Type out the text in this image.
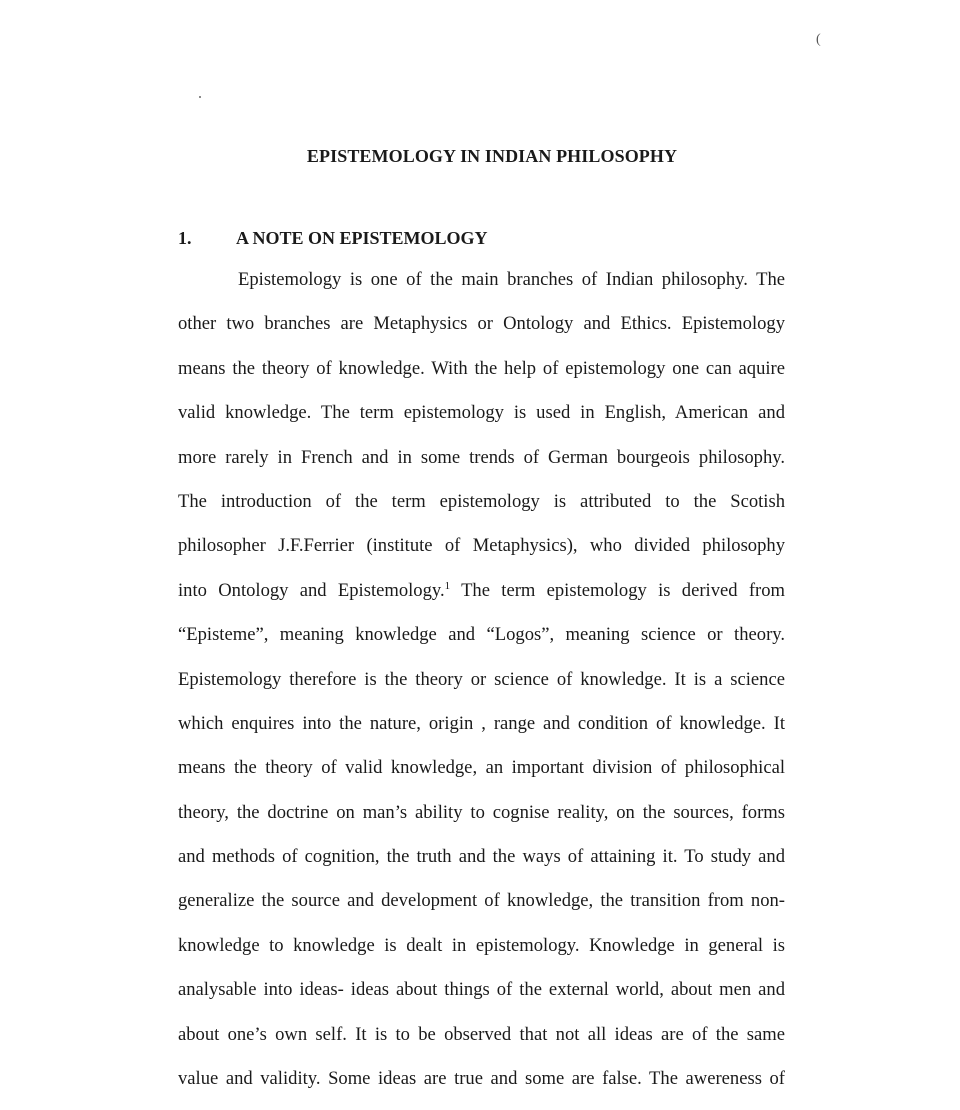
(
EPISTEMOLOGY IN INDIAN PHILOSOPHY
1. A NOTE ON EPISTEMOLOGY
Epistemology is one of the main branches of Indian philosophy. The
other two branches are Metaphysics or Ontology and Ethics. Epistemology
means the theory of knowledge. With the help of epistemology one can aquire
valid knowledge. The term epistemology is used in English, American and
more rarely in French and in some trends of German bourgeois philosophy.
The introduction of the term epistemology is attributed to the Scotish
philosopher J.F.Ferrier (institute of Metaphysics), who divided philosophy
into Ontology and Epistemology.$^1$ The term epistemology is derived from
“Episteme”, meaning knowledge and “Logos”, meaning science or theory.
Epistemology therefore is the theory or science of knowledge. It is a science
which enquires into the nature, origin , range and condition of knowledge. It
means the theory of valid knowledge, an important division of philosophical
theory, the doctrine on man’s ability to cognise reality, on the sources, forms
and methods of cognition, the truth and the ways of attaining it. To study and
generalize the source and development of knowledge, the transition from non-
knowledge to knowledge is dealt in epistemology. Knowledge in general is
analysable into ideas- ideas about things of the external world, about men and
about one’s own self. It is to be observed that not all ideas are of the same
value and validity. Some ideas are true and some are false. The awereness of
